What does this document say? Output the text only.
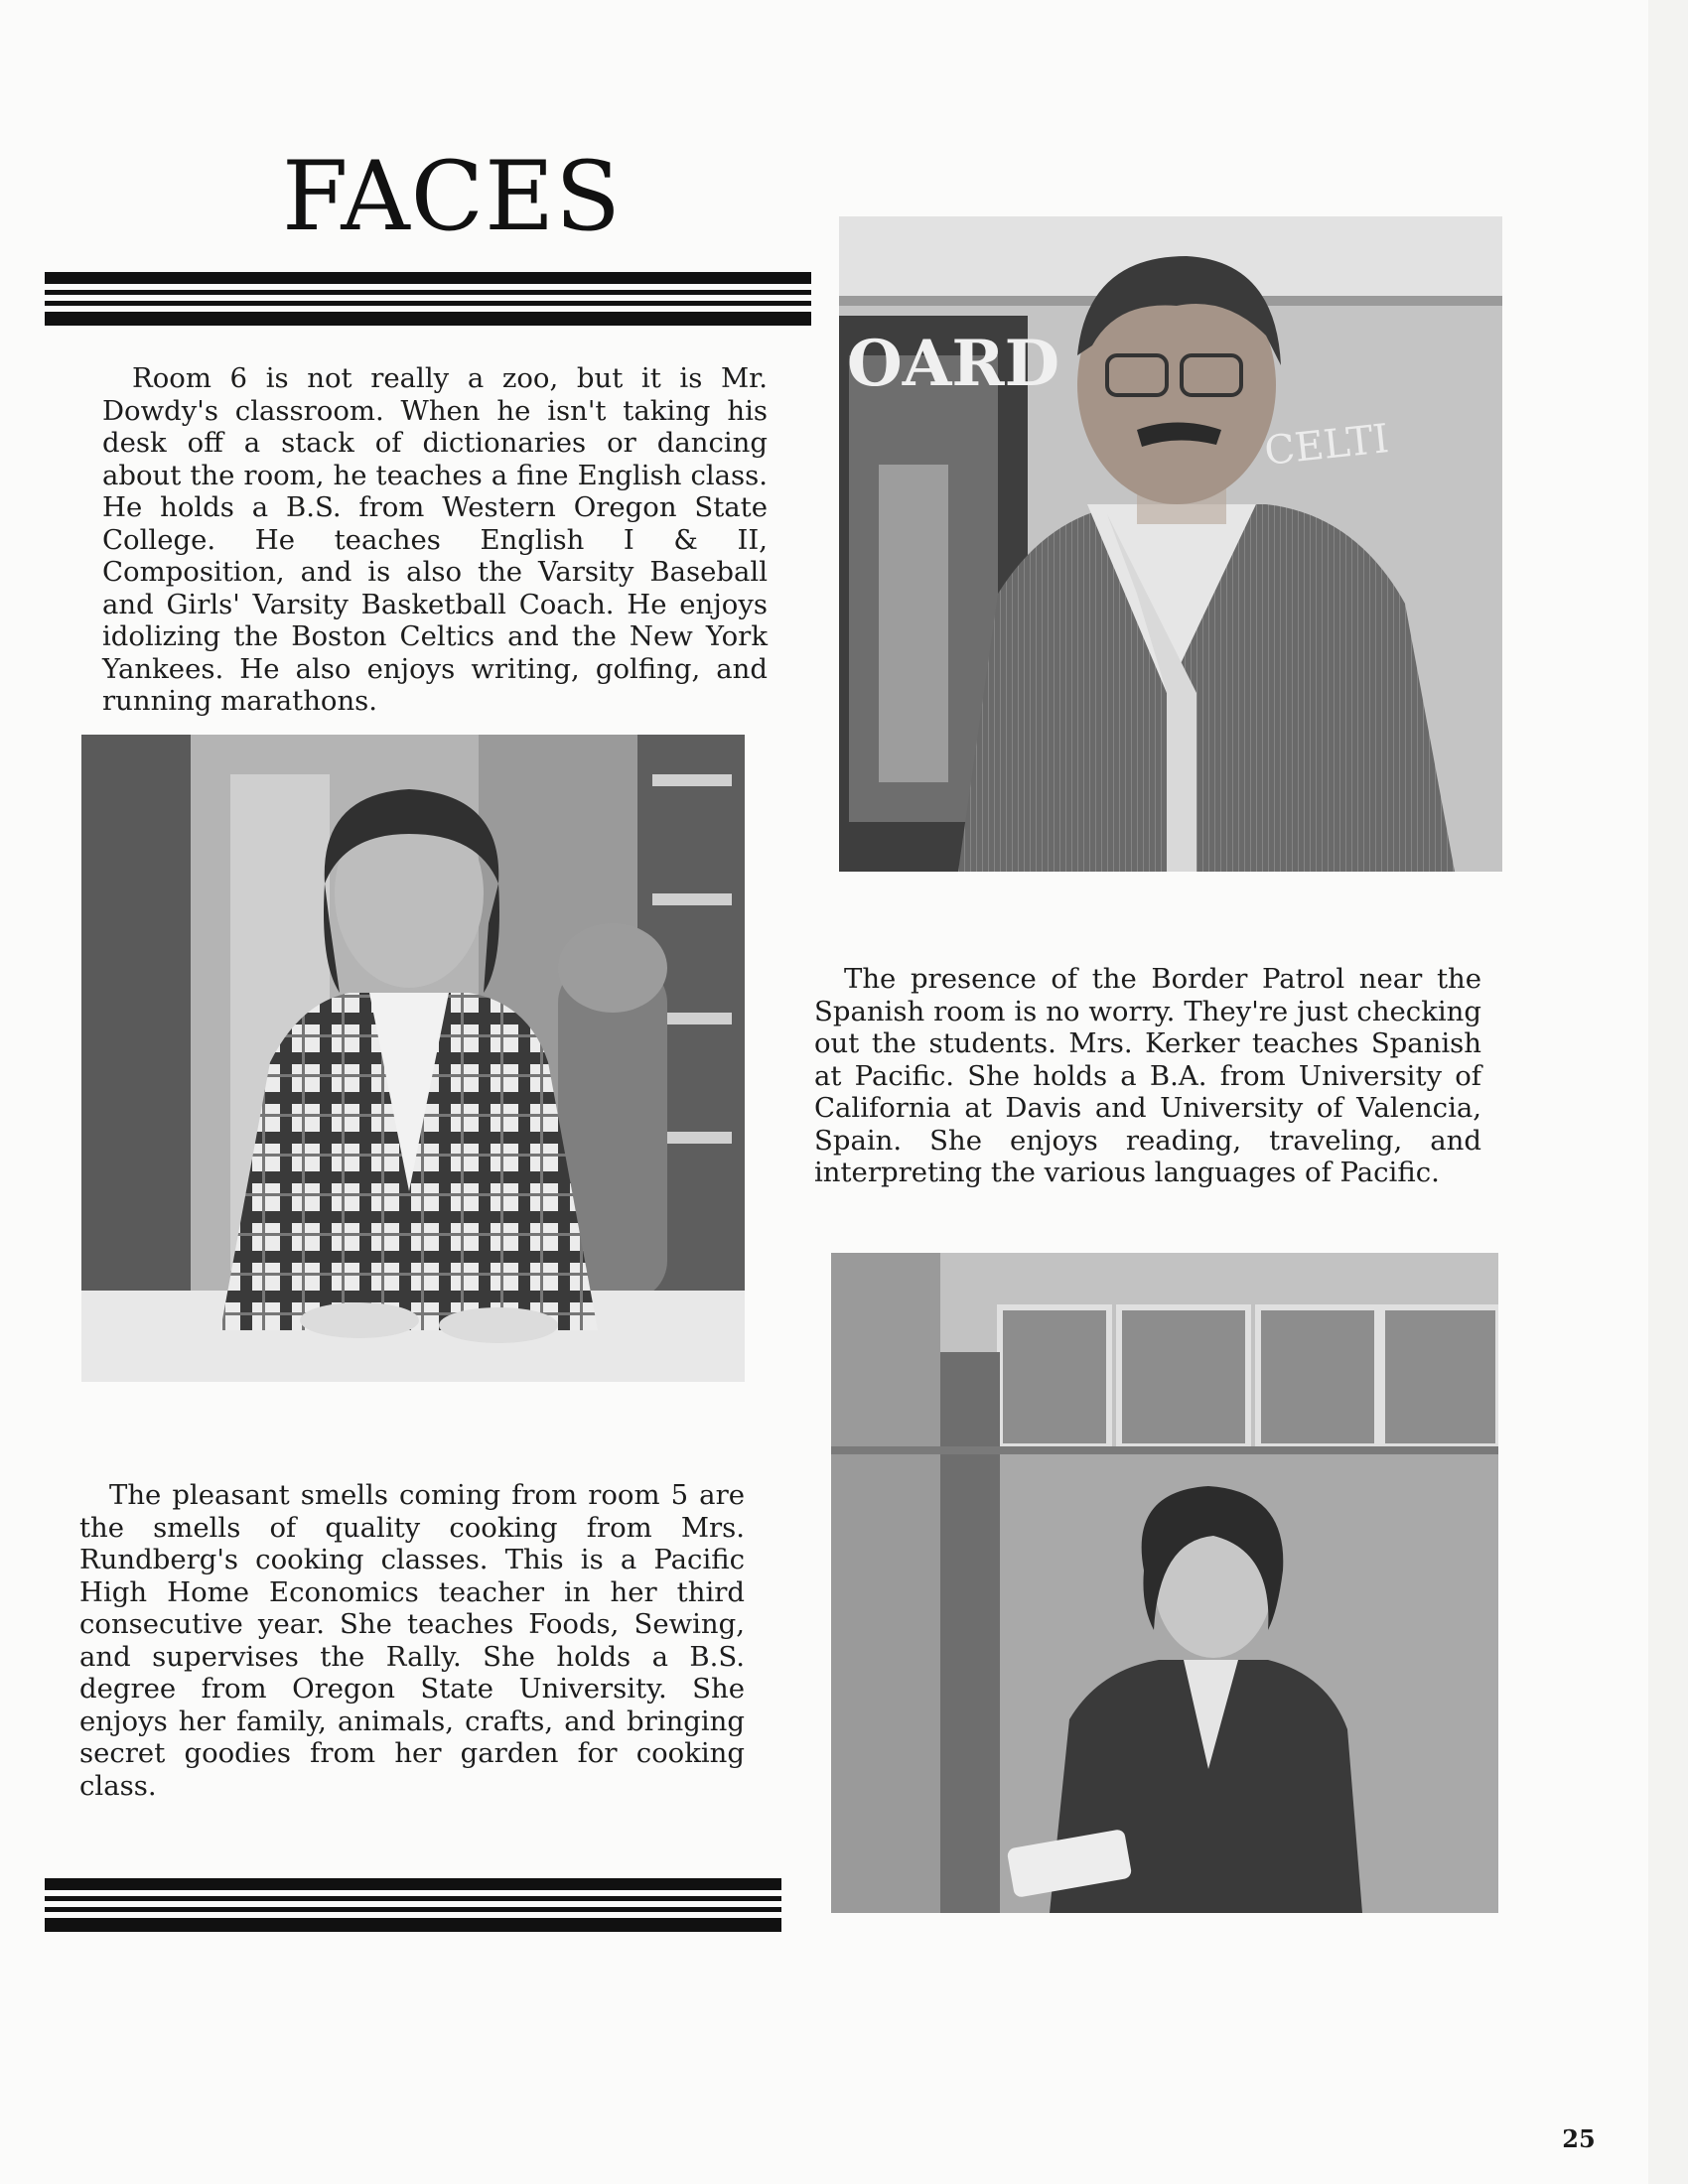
FACES

Room 6 is not really a zoo, but it is Mr. Dowdy's classroom. When he isn't taking his desk off a stack of dictionaries or dancing about the room, he teaches a fine English class. He holds a B.S. from Western Oregon State College. He teaches English I & II, Composition, and is also the Varsity Baseball and Girls' Varsity Basketball Coach. He enjoys idolizing the Boston Celtics and the New York Yankees. He also enjoys writing, golfing, and running marathons.

OARD
CELTI

The presence of the Border Patrol near the Spanish room is no worry. They're just checking out the students. Mrs. Kerker teaches Spanish at Pacific. She holds a B.A. from University of California at Davis and University of Valencia, Spain. She enjoys reading, traveling, and interpreting the various languages of Pacific.

The pleasant smells coming from room 5 are the smells of quality cooking from Mrs. Rundberg's cooking classes. This is a Pacific High Home Economics teacher in her third consecutive year. She teaches Foods, Sewing, and supervises the Rally. She holds a B.S. degree from Oregon State University. She enjoys her family, animals, crafts, and bringing secret goodies from her garden for cooking class.

25
